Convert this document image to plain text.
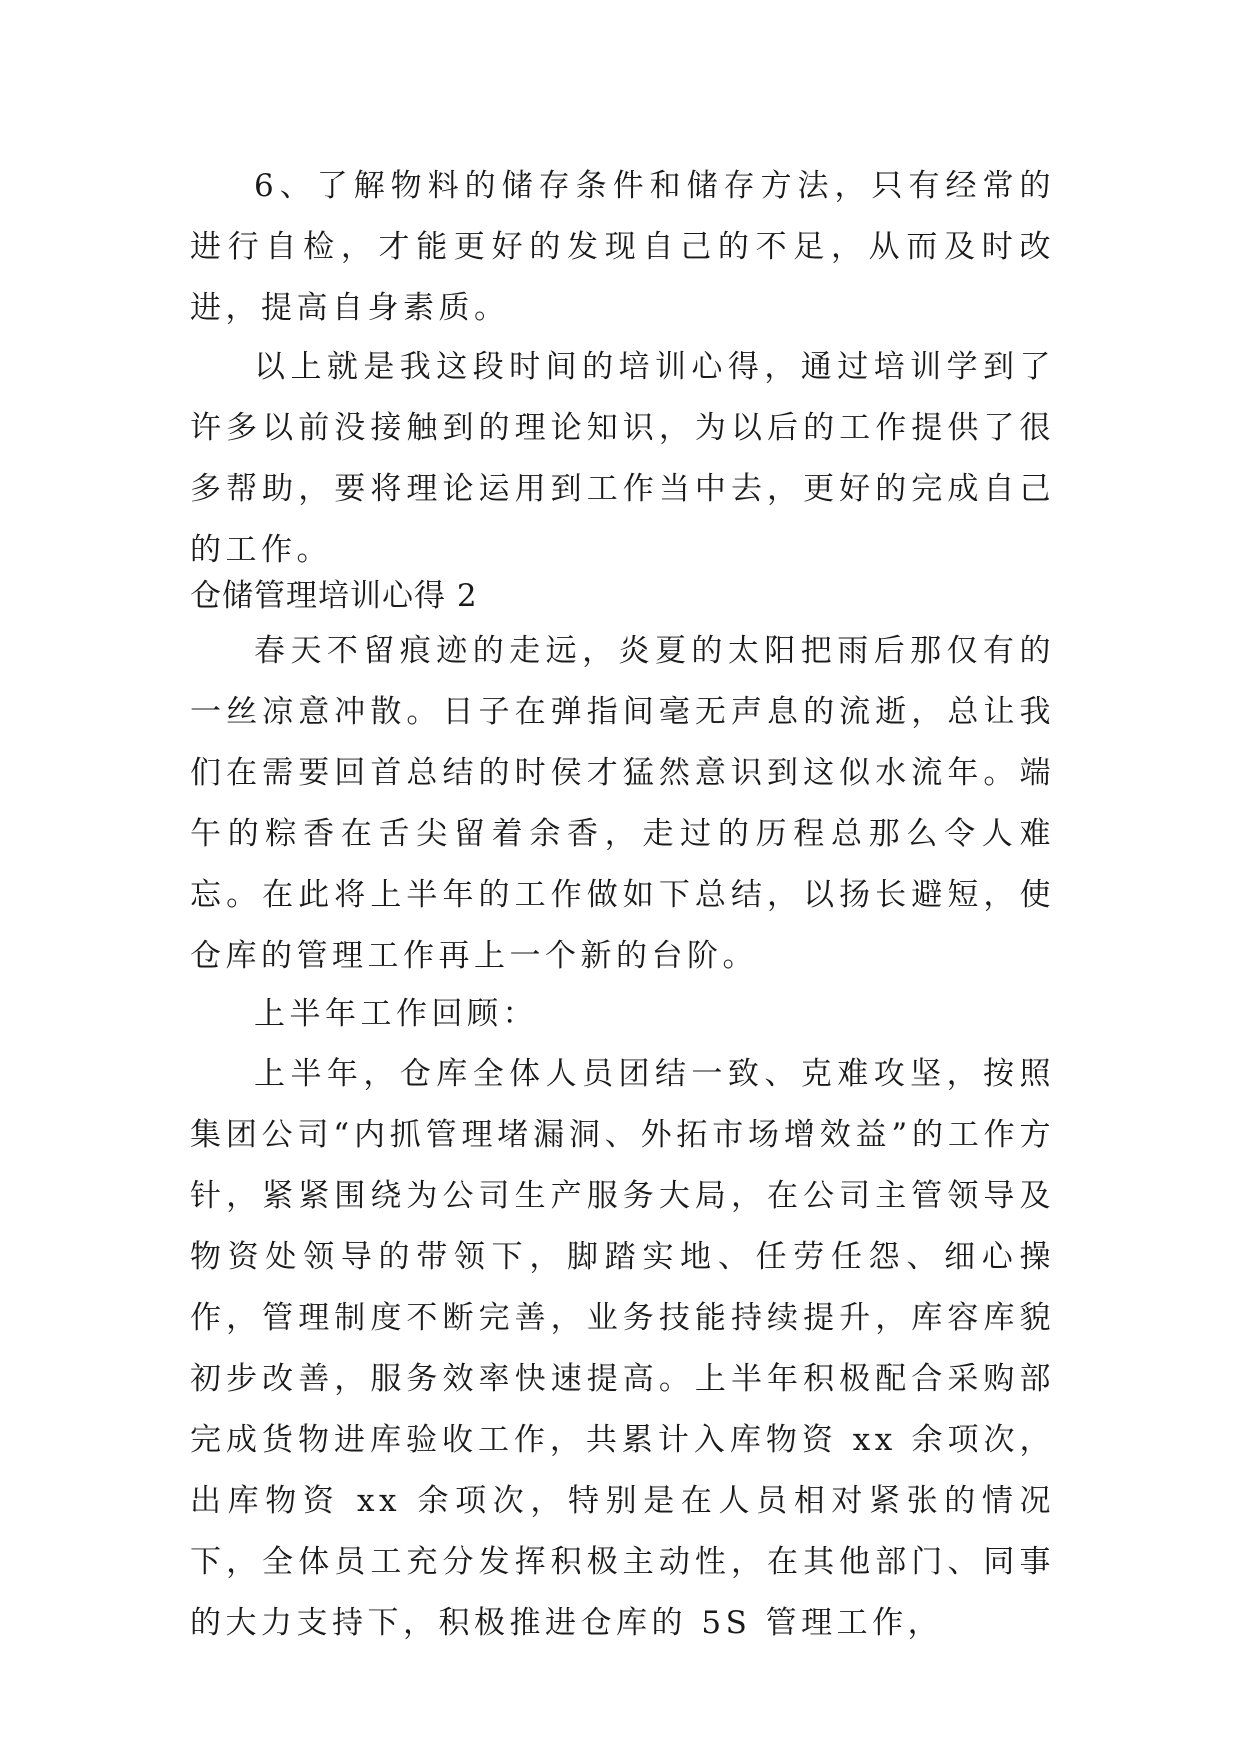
6、了解物料的储存条件和储存方法，只有经常的进行自检，才能更好的发现自己的不足，从而及时改进，提高自身素质。

以上就是我这段时间的培训心得，通过培训学到了许多以前没接触到的理论知识，为以后的工作提供了很多帮助，要将理论运用到工作当中去，更好的完成自己的工作。

仓储管理培训心得 2

春天不留痕迹的走远，炎夏的太阳把雨后那仅有的一丝凉意冲散。日子在弹指间毫无声息的流逝，总让我们在需要回首总结的时侯才猛然意识到这似水流年。端午的粽香在舌尖留着余香，走过的历程总那么令人难忘。在此将上半年的工作做如下总结，以扬长避短，使仓库的管理工作再上一个新的台阶。

上半年工作回顾：

上半年，仓库全体人员团结一致、克难攻坚，按照集团公司“内抓管理堵漏洞、外拓市场增效益”的工作方针，紧紧围绕为公司生产服务大局，在公司主管领导及物资处领导的带领下，脚踏实地、任劳任怨、细心操作，管理制度不断完善，业务技能持续提升，库容库貌初步改善，服务效率快速提高。上半年积极配合采购部完成货物进库验收工作，共累计入库物资 xx 余项次，出库物资 xx 余项次，特别是在人员相对紧张的情况下，全体员工充分发挥积极主动性，在其他部门、同事的大力支持下，积极推进仓库的 5S 管理工作，
